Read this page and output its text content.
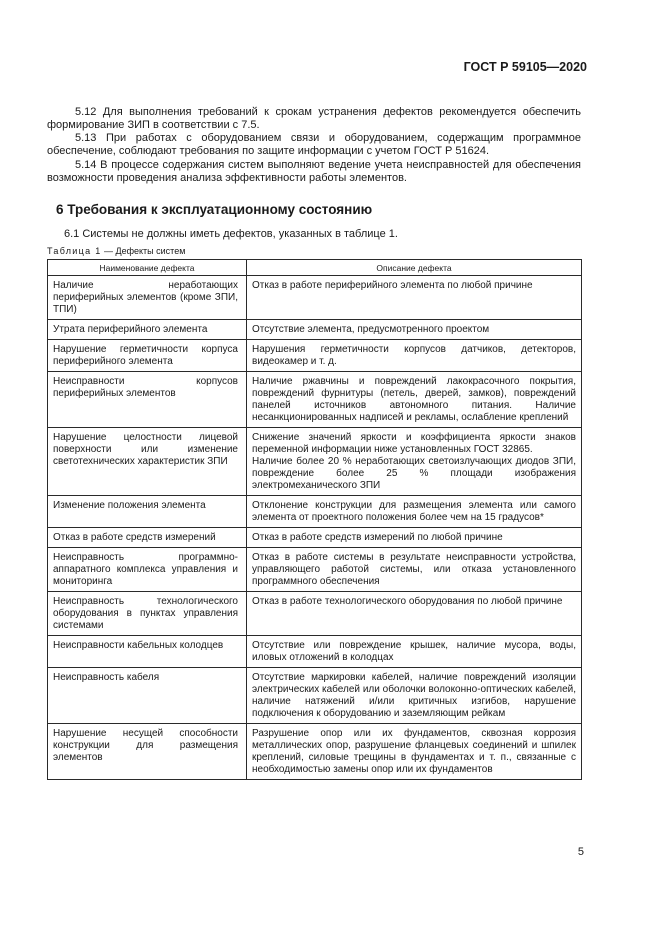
ГОСТ Р 59105—2020
5.12 Для выполнения требований к срокам устранения дефектов рекомендуется обеспечить формирование ЗИП в соответствии с 7.5.
5.13 При работах с оборудованием связи и оборудованием, содержащим программное обеспечение, соблюдают требования по защите информации с учетом ГОСТ Р 51624.
5.14 В процессе содержания систем выполняют ведение учета неисправностей для обеспечения возможности проведения анализа эффективности работы элементов.
6 Требования к эксплуатационному состоянию
6.1 Системы не должны иметь дефектов, указанных в таблице 1.
Таблица 1 — Дефекты систем
Наименование дефекта	Описание дефекта
Наличие неработающих периферийных элементов (кроме ЗПИ, ТПИ)	Отказ в работе периферийного элемента по любой причине

Утрата периферийного элемента	Отсутствие элемента, предусмотренного проектом

Нарушение герметичности корпуса периферийного элемента	Нарушения герметичности корпусов датчиков, детекторов, видеокамер и т. д.

Неисправности корпусов периферийных элементов	Наличие ржавчины и повреждений лакокрасочного покрытия, повреждений фурнитуры (петель, дверей, замков), повреждений панелей источников автономного питания. Наличие несанкционированных надписей и рекламы, ослабление креплений

Нарушение целостности лицевой поверхности или изменение светотехнических характеристик ЗПИ	Снижение значений яркости и коэффициента яркости знаков переменной информации ниже установленных ГОСТ 32865.
Наличие более 20 % неработающих светоизлучающих диодов ЗПИ, повреждение более 25 % площади изображения электромеханического ЗПИ

Изменение положения элемента	Отклонение конструкции для размещения элемента или самого элемента от проектного положения более чем на 15 градусов*

Отказ в работе средств измерений	Отказ в работе средств измерений по любой причине

Неисправность программно-аппаратного комплекса управления и мониторинга	Отказ в работе системы в результате неисправности устройства, управляющего работой системы, или отказа установленного программного обеспечения

Неисправность технологического оборудования в пунктах управления системами	Отказ в работе технологического оборудования по любой причине

Неисправности кабельных колодцев	Отсутствие или повреждение крышек, наличие мусора, воды, иловых отложений в колодцах

Неисправность кабеля	Отсутствие маркировки кабелей, наличие повреждений изоляции электрических кабелей или оболочки волоконно-оптических кабелей, наличие натяжений и/или критичных изгибов, нарушение подключения к оборудованию и заземляющим рейкам

Нарушение несущей способности конструкции для размещения элементов	Разрушение опор или их фундаментов, сквозная коррозия металлических опор, разрушение фланцевых соединений и шпилек креплений, силовые трещины в фундаментах и т. п., связанные с необходимостью замены опор или их фундаментов
5
